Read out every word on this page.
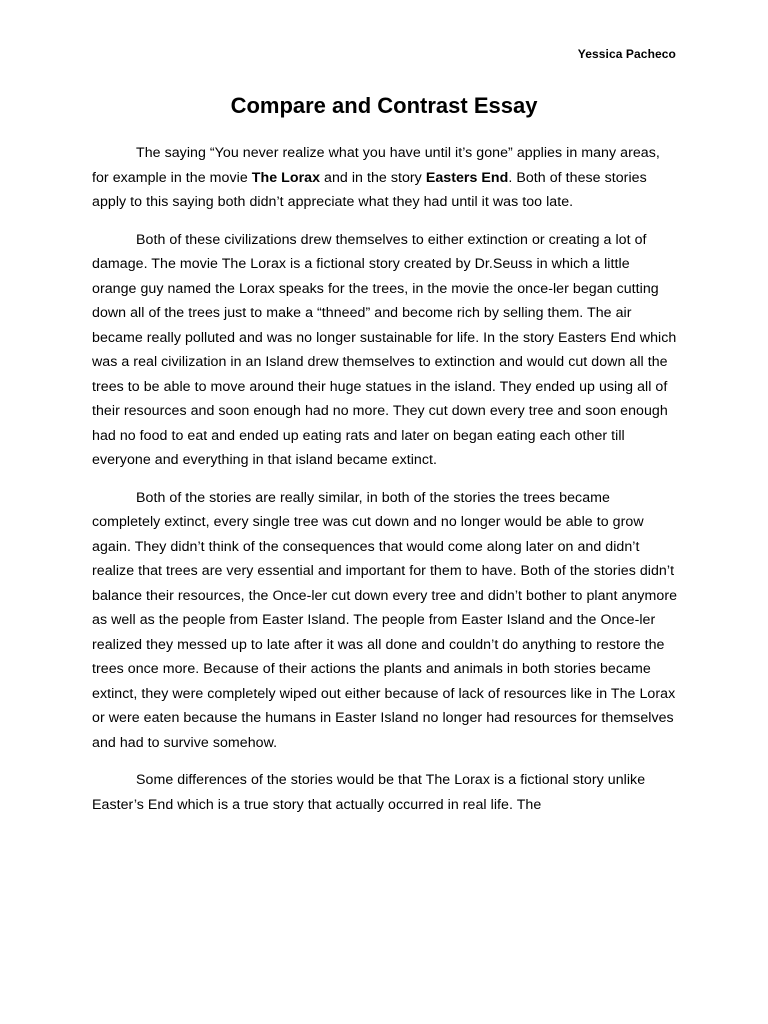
Yessica Pacheco
Compare and Contrast Essay

The saying “You never realize what you have until it’s gone” applies in many areas, for example in the movie The Lorax and in the story Easters End. Both of these stories apply to this saying both didn’t appreciate what they had until it was too late.

Both of these civilizations drew themselves to either extinction or creating a lot of damage. The movie The Lorax is a fictional story created by Dr.Seuss in which a little orange guy named the Lorax speaks for the trees, in the movie the once-ler began cutting down all of the trees just to make a “thneed” and become rich by selling them. The air became really polluted and was no longer sustainable for life. In the story Easters End which was a real civilization in an Island drew themselves to extinction and would cut down all the trees to be able to move around their huge statues in the island. They ended up using all of their resources and soon enough had no more. They cut down every tree and soon enough had no food to eat and ended up eating rats and later on began eating each other till everyone and everything in that island became extinct.

Both of the stories are really similar, in both of the stories the trees became completely extinct, every single tree was cut down and no longer would be able to grow again. They didn’t think of the consequences that would come along later on and didn’t realize that trees are very essential and important for them to have. Both of the stories didn’t balance their resources, the Once-ler cut down every tree and didn’t bother to plant anymore as well as the people from Easter Island. The people from Easter Island and the Once-ler realized they messed up to late after it was all done and couldn’t do anything to restore the trees once more. Because of their actions the plants and animals in both stories became extinct, they were completely wiped out either because of lack of resources like in The Lorax or were eaten because the humans in Easter Island no longer had resources for themselves and had to survive somehow.

Some differences of the stories would be that The Lorax is a fictional story unlike Easter’s End which is a true story that actually occurred in real life. The
